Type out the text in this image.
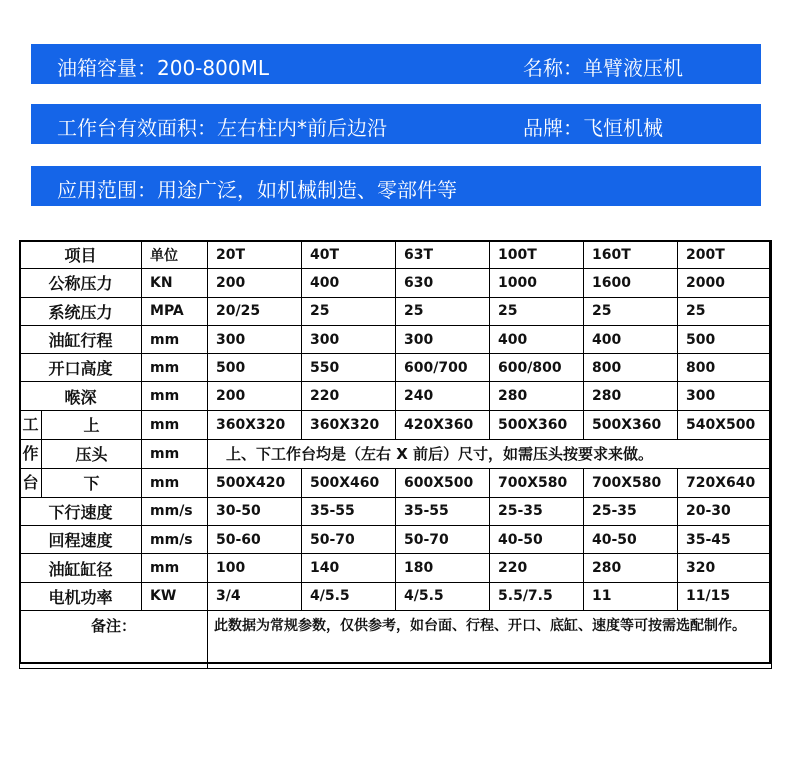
油箱容量：200-800ML	名称：单臂液压机
工作台有效面积：左右柱内*前后边沿	品牌：飞恒机械
应用范围：用途广泛，如机械制造、零部件等
项目		单位	20T	40T	63T	100T	160T	200T
公称压力		KN	200	400	630	1000	1600	2000
系统压力		MPA	20/25	25	25	25	25	25
油缸行程		mm	300	300	300	400	400	500
开口高度		mm	500	550	600/700	600/800	800	800
喉深		mm	200	220	240	280	280	300
工	上	mm	360X320	360X320	420X360	500X360	500X360	540X500
作	压头	mm	上、下工作台均是（左右 X 前后）尺寸，如需压头按要求来做。					
台	下	mm	500X420	500X460	600X500	700X580	700X580	720X640
下行速度		mm/s	30-50	35-55	35-55	25-35	25-35	20-30
回程速度		mm/s	50-60	50-70	50-70	40-50	40-50	35-45
油缸缸径		mm	100	140	180	220	280	320
电机功率		KW	3/4	4/5.5	4/5.5	5.5/7.5	11	11/15
备注：			此数据为常规参数，仅供参考，如台面、行程、开口、底缸、速度等可按需选配制作。					
